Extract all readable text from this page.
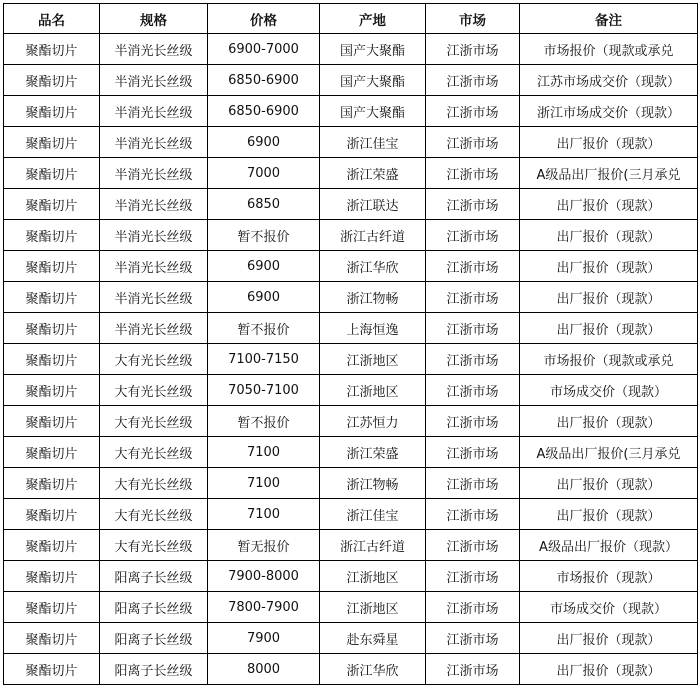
品名	规格	价格	产地	市场	备注
聚酯切片	半消光长丝级	6900-7000	国产大聚酯	江浙市场	市场报价（现款或承兑
聚酯切片	半消光长丝级	6850-6900	国产大聚酯	江浙市场	江苏市场成交价（现款）
聚酯切片	半消光长丝级	6850-6900	国产大聚酯	江浙市场	浙江市场成交价（现款）
聚酯切片	半消光长丝级	6900	浙江佳宝	江浙市场	出厂报价（现款）
聚酯切片	半消光长丝级	7000	浙江荣盛	江浙市场	A级品出厂报价(三月承兑
聚酯切片	半消光长丝级	6850	浙江联达	江浙市场	出厂报价（现款）
聚酯切片	半消光长丝级	暂不报价	浙江古纤道	江浙市场	出厂报价（现款）
聚酯切片	半消光长丝级	6900	浙江华欣	江浙市场	出厂报价（现款）
聚酯切片	半消光长丝级	6900	浙江物畅	江浙市场	出厂报价（现款）
聚酯切片	半消光长丝级	暂不报价	上海恒逸	江浙市场	出厂报价（现款）
聚酯切片	大有光长丝级	7100-7150	江浙地区	江浙市场	市场报价（现款或承兑
聚酯切片	大有光长丝级	7050-7100	江浙地区	江浙市场	市场成交价（现款）
聚酯切片	大有光长丝级	暂不报价	江苏恒力	江浙市场	出厂报价（现款）
聚酯切片	大有光长丝级	7100	浙江荣盛	江浙市场	A级品出厂报价(三月承兑
聚酯切片	大有光长丝级	7100	浙江物畅	江浙市场	出厂报价（现款）
聚酯切片	大有光长丝级	7100	浙江佳宝	江浙市场	出厂报价（现款）
聚酯切片	大有光长丝级	暂无报价	浙江古纤道	江浙市场	A级品出厂报价（现款）
聚酯切片	阳离子长丝级	7900-8000	江浙地区	江浙市场	市场报价（现款）
聚酯切片	阳离子长丝级	7800-7900	江浙地区	江浙市场	市场成交价（现款）
聚酯切片	阳离子长丝级	7900	赴东舜星	江浙市场	出厂报价（现款）
聚酯切片	阳离子长丝级	8000	浙江华欣	江浙市场	出厂报价（现款）
